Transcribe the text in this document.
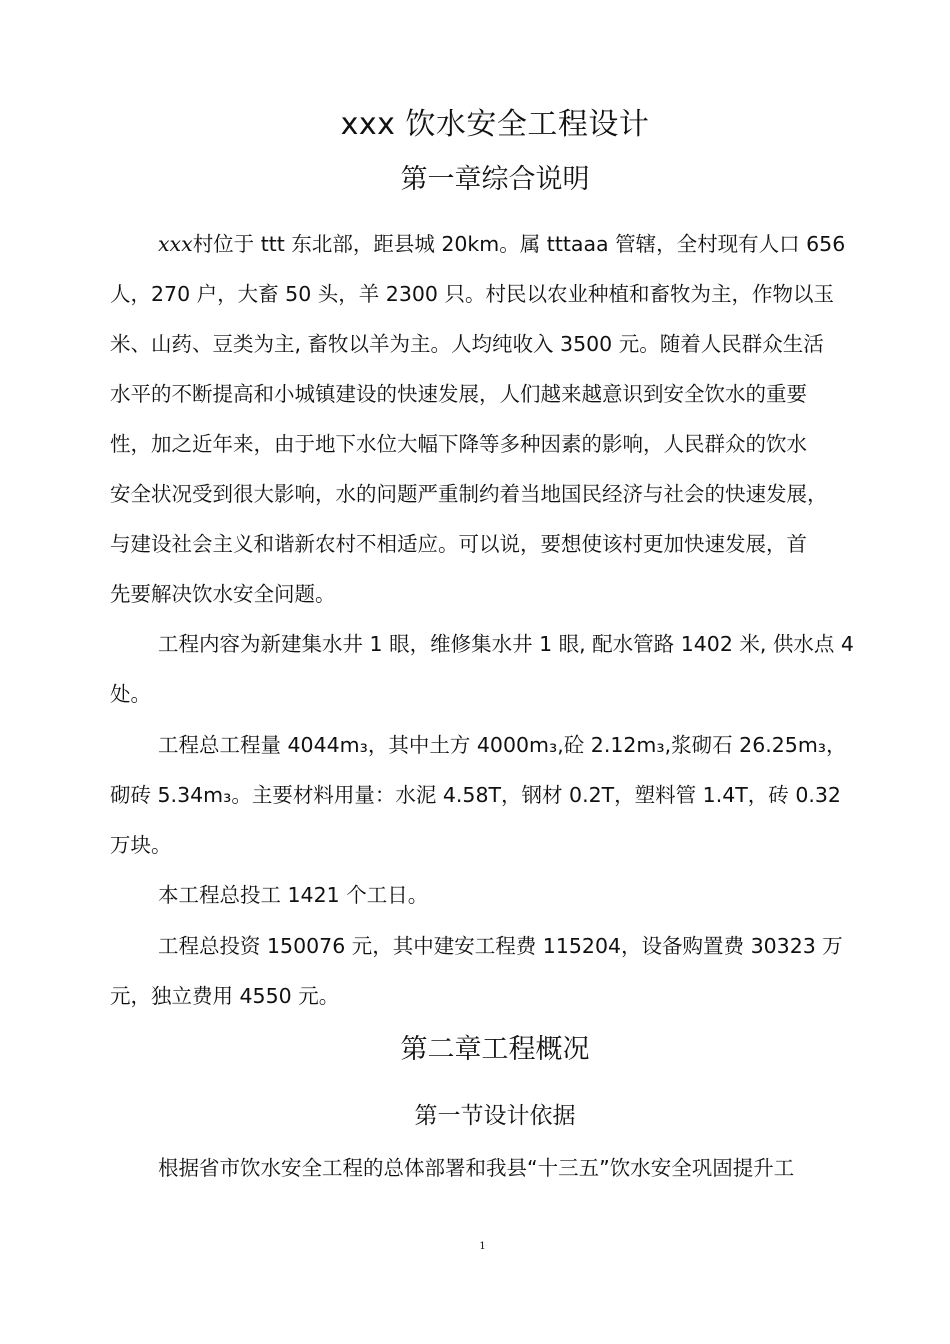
xxx 饮水安全工程设计
第一章综合说明
xxx村位于 ttt 东北部，距县城 20km。属 tttaaa 管辖，全村现有人口 656
人，270 户，大畜 50 头，羊 2300 只。村民以农业种植和畜牧为主，作物以玉
米、山药、豆类为主, 畜牧以羊为主。人均纯收入 3500 元。随着人民群众生活
水平的不断提高和小城镇建设的快速发展，人们越来越意识到安全饮水的重要
性，加之近年来，由于地下水位大幅下降等多种因素的影响，人民群众的饮水
安全状况受到很大影响，水的问题严重制约着当地国民经济与社会的快速发展，
与建设社会主义和谐新农村不相适应。可以说，要想使该村更加快速发展，首
先要解决饮水安全问题。
工程内容为新建集水井 1 眼，维修集水井 1 眼, 配水管路 1402 米, 供水点 4
处。
工程总工程量 4044m₃，其中土方 4000m₃,砼 2.12m₃,浆砌石 26.25m₃，
砌砖 5.34m₃。主要材料用量：水泥 4.58T，钢材 0.2T，塑料管 1.4T，砖 0.32
万块。
本工程总投工 1421 个工日。
工程总投资 150076 元，其中建安工程费 115204，设备购置费 30323 万
元，独立费用 4550 元。
第二章工程概况
第一节设计依据
根据省市饮水安全工程的总体部署和我县“十三五”饮水安全巩固提升工
1
